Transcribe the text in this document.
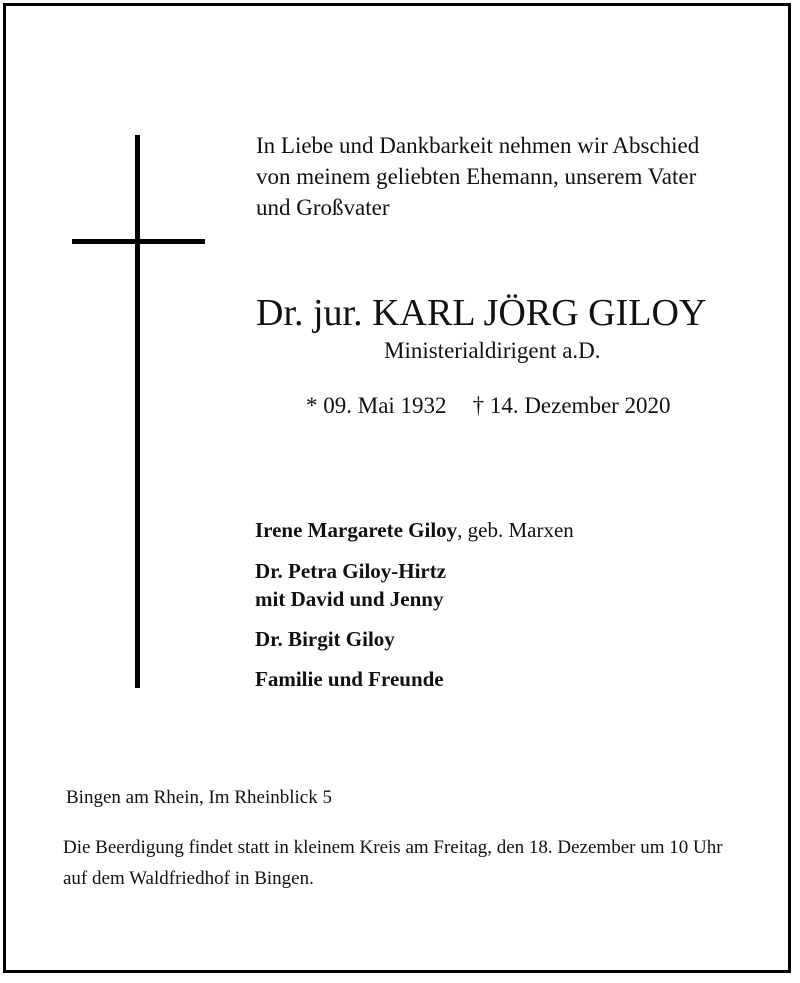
In Liebe und Dankbarkeit nehmen wir Abschied
von meinem geliebten Ehemann, unserem Vater
und Großvater

Dr. jur. KARL JÖRG GILOY

Ministerialdirigent a.D.

* 09. Mai 1932 † 14. Dezember 2020
Irene Margarete Giloy, geb. Marxen
Dr. Petra Giloy-Hirtz
mit David und Jenny
Dr. Birgit Giloy
Familie und Freunde

Bingen am Rhein, Im Rheinblick 5

Die Beerdigung findet statt in kleinem Kreis am Freitag, den 18. Dezember um 10 Uhr
auf dem Waldfriedhof in Bingen.
